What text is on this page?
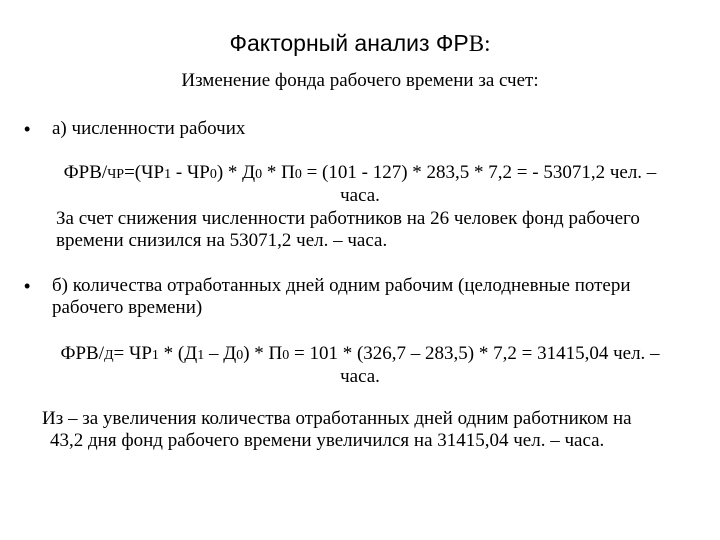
Факторный анализ ФРВ:
Изменение фонда рабочего времени за счет:
•	а) численности рабочих
ФРВ/ЧР=(ЧР1 - ЧР0) * Д0 * П0 = (101 - 127) * 283,5 * 7,2 = - 53071,2 чел. –
часа.
За счет снижения численности работников на 26 человек фонд рабочего
времени снизился на 53071,2 чел. – часа.
•	б) количества отработанных дней одним рабочим (целодневные потери
рабочего времени)
ФРВ/Д= ЧР1 * (Д1 – Д0) * П0 = 101 * (326,7 – 283,5) * 7,2 = 31415,04 чел. –
часа.
Из – за увеличения количества отработанных дней одним работником на
43,2 дня фонд рабочего времени увеличился на 31415,04 чел. – часа.
